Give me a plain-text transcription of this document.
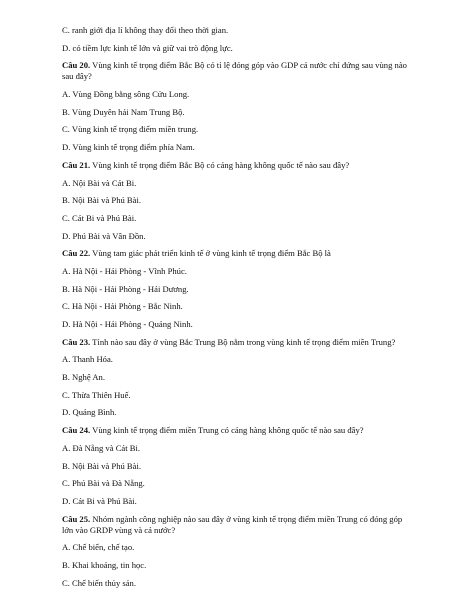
C. ranh giới địa lí không thay đổi theo thời gian.
D. có tiềm lực kinh tế lớn và giữ vai trò động lực.
Câu 20. Vùng kinh tế trọng điểm Bắc Bộ có tỉ lệ đóng góp vào GDP cả nước chỉ đứng sau vùng nào sau đây?
A. Vùng Đồng bằng sông Cửu Long.
B. Vùng Duyên hải Nam Trung Bộ.
C. Vùng kinh tế trọng điểm miền trung.
D. Vùng kinh tế trọng điểm phía Nam.
Câu 21. Vùng kinh tế trọng điểm Bắc Bộ có cảng hàng không quốc tế nào sau đây?
A. Nội Bài và Cát Bi.
B. Nội Bài và Phú Bài.
C. Cát Bi và Phú Bài.
D. Phú Bài và Vân Đồn.
Câu 22. Vùng tam giác phát triển kinh tế ở vùng kinh tế trọng điểm Bắc Bộ là
A. Hà Nội - Hải Phòng - Vĩnh Phúc.
B. Hà Nội - Hải Phòng - Hải Dương.
C. Hà Nội - Hải Phòng - Bắc Ninh.
D. Hà Nội - Hải Phòng - Quảng Ninh.
Câu 23. Tỉnh nào sau đây ở vùng Bắc Trung Bộ nằm trong vùng kinh tế trọng điểm miền Trung?
A. Thanh Hóa.
B. Nghệ An.
C. Thừa Thiên Huế.
D. Quảng Bình.
Câu 24. Vùng kinh tế trọng điểm miền Trung có cảng hàng không quốc tế nào sau đây?
A. Đà Nẵng và Cát Bi.
B. Nội Bài và Phú Bài.
C. Phú Bài và Đà Nẵng.
D. Cát Bi và Phú Bài.
Câu 25. Nhóm ngành công nghiệp nào sau đây ở vùng kinh tế trọng điểm miền Trung có đóng góp lớn vào GRDP vùng và cả nước?
A. Chế biến, chế tạo.
B. Khai khoáng, tin học.
C. Chế biến thủy sản.
